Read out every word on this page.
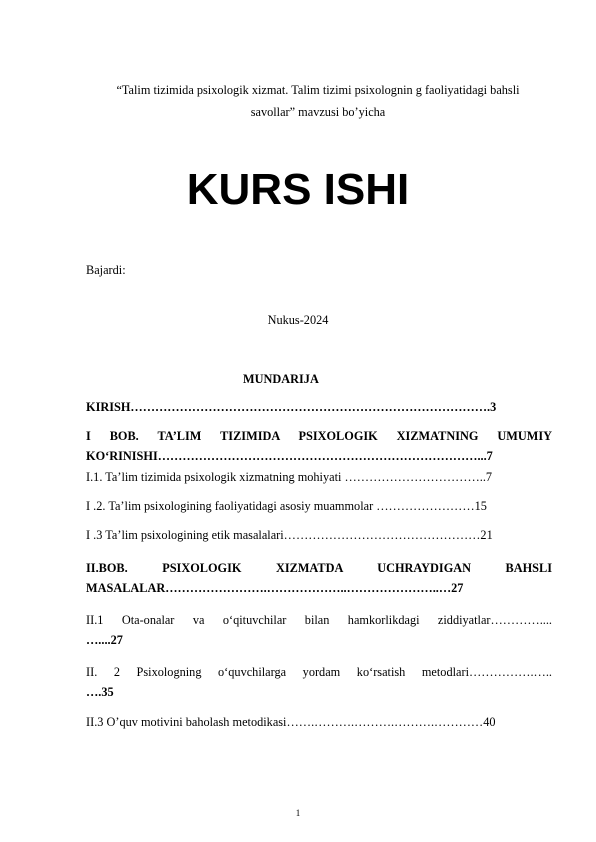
“Talim tizimida psixologik xizmat. Talim tizimi psixolognin g faoliyatidagi bahsli
savollar” mavzusi bo’yicha
KURS ISHI
Bajardi:
Nukus-2024
MUNDARIJA

KIRISH…………………………………………………………………………….3

I BOB. TA’LIM TIZIMIDA PSIXOLOGIK XIZMATNING UMUMIY

KO‘RINISHI……………………………………………………………………...7

I.1. Ta’lim tizimida psixologik xizmatning mohiyati ……………………………..7

I .2. Ta’lim psixologining faoliyatidagi asosiy muammolar ……………………15

I .3 Ta’lim psixologining etik masalalari…………………………………………21

II.BOB. PSIXOLOGIK XIZMATDA UCHRAYDIGAN BAHSLI

MASALALAR…………………….………………..…………………..…27

II.1 Ota-onalar va o‘qituvchilar bilan hamkorlikdagi ziddiyatlar…………....

…....27

II. 2 Psixologning o‘quvchilarga yordam ko‘rsatish metodlari…………….…..

….35

II.3 O’quv motivini baholash metodikasi…….……….……….……….…………40

1
